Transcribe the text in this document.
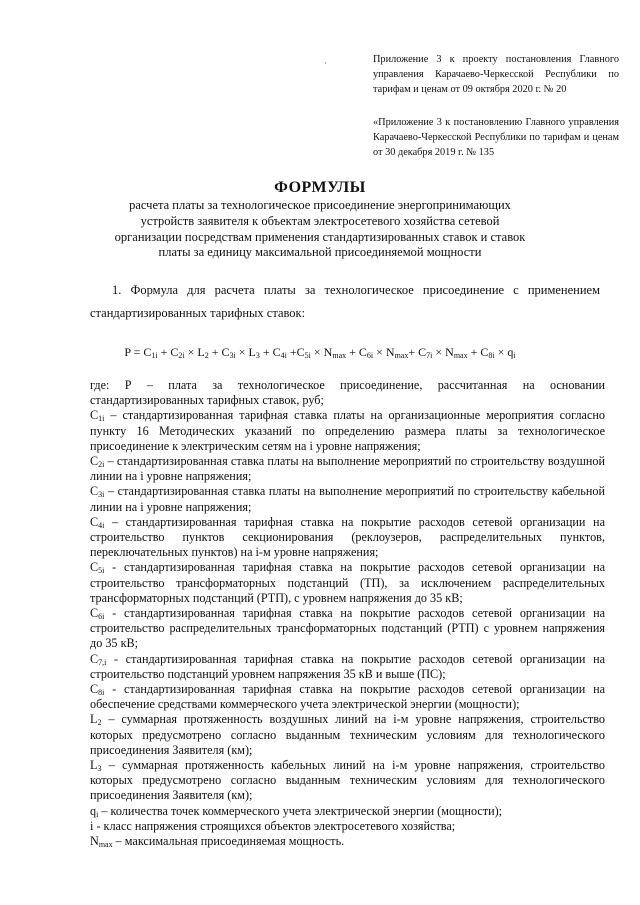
·	Приложение 3 к проекту постановления Главного управления Карачаево-Черкесской Республики по тарифам и ценам от 09 октября 2020 г. № 20
«Приложение 3 к постановлению Главного управления Карачаево-Черкесской Республики по тарифам и ценам от 30 декабря 2019 г. № 135
ФОРМУЛЫ
расчета платы за технологическое присоединение энергопринимающих устройств заявителя к объектам электросетевого хозяйства сетевой организации посредствам применения стандартизированных ставок и ставок платы за единицу максимальной присоединяемой мощности
1. Формула для расчета платы за технологическое присоединение с применением стандартизированных тарифных ставок:
$P = C_{1i} + C_{2i} \times L_2 + C_{3i} \times L_3 + C_{4i} +C_{5i} \times N_{max} + C_{6i} \times N_{max}+ C_{7i} \times N_{max} + C_{8i} \times q_i$
где: Р – плата за технологическое присоединение, рассчитанная на основании стандартизированных тарифных ставок, руб;
$С_{1i}$ – стандартизированная тарифная ставка платы на организационные мероприятия согласно пункту 16 Методических указаний по определению размера платы за технологическое присоединение к электрическим сетям на i уровне напряжения;
$С_{2i}$ – стандартизированная ставка платы на выполнение мероприятий по строительству воздушной линии на i уровне напряжения;
$С_{3i}$ – стандартизированная ставка платы на выполнение мероприятий по строительству кабельной линии на i уровне напряжения;
$С_{4i}$ – стандартизированная тарифная ставка на покрытие расходов сетевой организации на строительство пунктов секционирования (реклоузеров, распределительных пунктов, переключательных пунктов) на i-м уровне напряжения;
$С_{5i}$ - стандартизированная тарифная ставка на покрытие расходов сетевой организации на строительство трансформаторных подстанций (ТП), за исключением распределительных трансформаторных подстанций (РТП), с уровнем напряжения до 35 кВ;
$С_{6i}$ - стандартизированная тарифная ставка на покрытие расходов сетевой организации на строительство распределительных трансформаторных подстанций (РТП) с уровнем напряжения до 35 кВ;
$С_{7,i}$ - стандартизированная тарифная ставка на покрытие расходов сетевой организации на строительство подстанций уровнем напряжения 35 кВ и выше (ПС);
$С_{8i}$ - стандартизированная тарифная ставка на покрытие расходов сетевой организации на обеспечение средствами коммерческого учета электрической энергии (мощности);
$L_2$ – суммарная протяженность воздушных линий на i-м уровне напряжения, строительство которых предусмотрено согласно выданным техническим условиям для технологического присоединения Заявителя (км);
$L_3$ – суммарная протяженность кабельных линий на i-м уровне напряжения, строительство которых предусмотрено согласно выданным техническим условиям для технологического присоединения Заявителя (км);
$q_i$ – количества точек коммерческого учета электрической энергии (мощности);
i - класс напряжения строящихся объектов электросетевого хозяйства;
$N_{max}$ – максимальная присоединяемая мощность.
